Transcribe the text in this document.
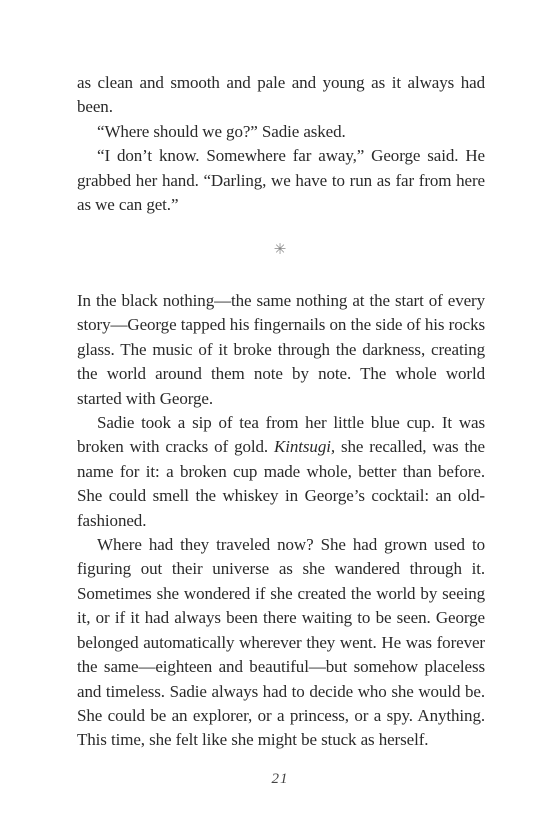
as clean and smooth and pale and young as it always had been.

“Where should we go?” Sadie asked.

“I don’t know. Somewhere far away,” George said. He grabbed her hand. “Darling, we have to run as far from here as we can get.”

✳

In the black nothing—the same nothing at the start of every story—George tapped his fingernails on the side of his rocks glass. The music of it broke through the darkness, creating the world around them note by note. The whole world started with George.

Sadie took a sip of tea from her little blue cup. It was broken with cracks of gold. Kintsugi, she recalled, was the name for it: a broken cup made whole, better than before. She could smell the whiskey in George’s cocktail: an old-fashioned.

Where had they traveled now? She had grown used to figuring out their universe as she wandered through it. Sometimes she wondered if she created the world by seeing it, or if it had always been there waiting to be seen. George belonged automatically wherever they went. He was forever the same—eighteen and beautiful—but somehow placeless and timeless. Sadie always had to decide who she would be. She could be an explorer, or a princess, or a spy. Anything. This time, she felt like she might be stuck as herself.

21
